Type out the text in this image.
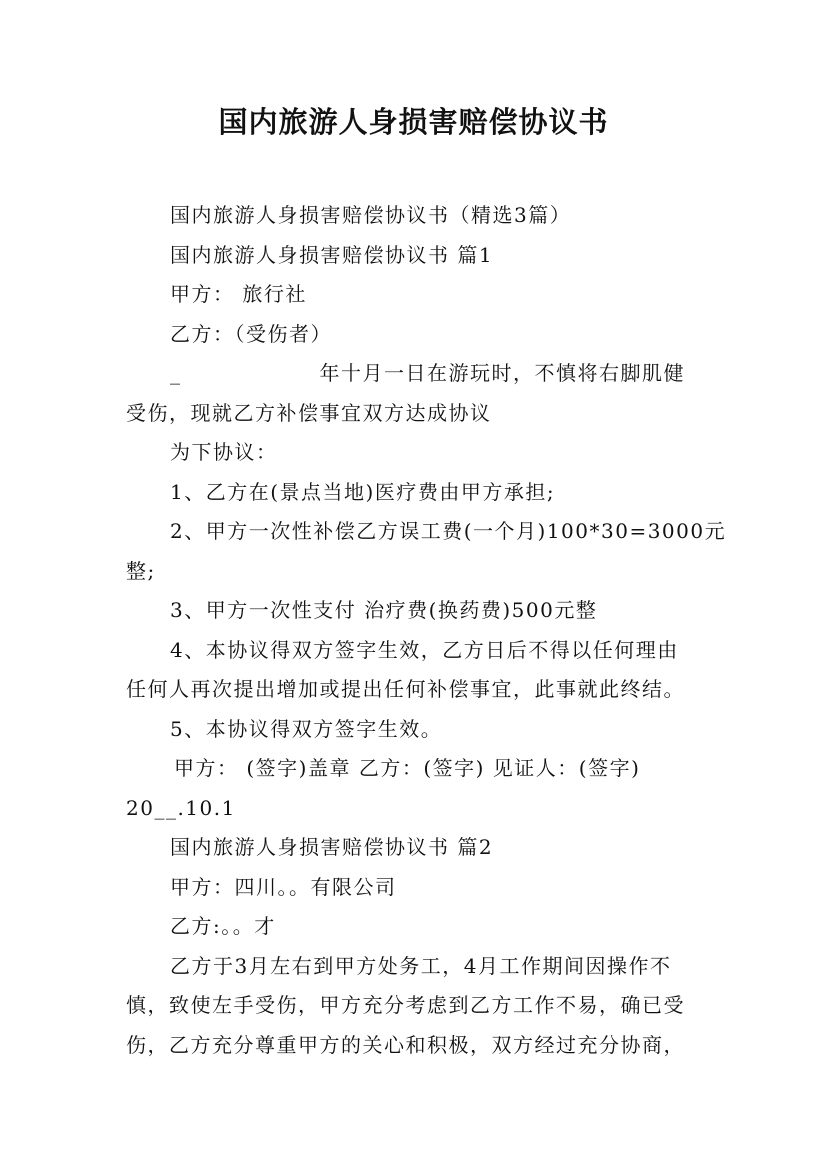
国内旅游人身损害赔偿协议书

国内旅游人身损害赔偿协议书（精选3篇）

国内旅游人身损害赔偿协议书 篇1

甲方： 旅行社

乙方：（受伤者）

_	年十月一日在游玩时，不慎将右脚肌健

受伤，现就乙方补偿事宜双方达成协议

为下协议：

1、乙方在(景点当地)医疗费由甲方承担;

2、甲方一次性补偿乙方误工费(一个月)100*30=3000元

整;

3、甲方一次性支付 治疗费(换药费)500元整

4、本协议得双方签字生效，乙方日后不得以任何理由

任何人再次提出增加或提出任何补偿事宜，此事就此终结。

5、本协议得双方签字生效。

甲方： (签字)盖章 乙方：(签字) 见证人：(签字)

20__.10.1

国内旅游人身损害赔偿协议书 篇2

甲方：四川。。有限公司

乙方:。。才

乙方于3月左右到甲方处务工，4月工作期间因操作不

慎，致使左手受伤，甲方充分考虑到乙方工作不易，确已受

伤，乙方充分尊重甲方的关心和积极，双方经过充分协商，
